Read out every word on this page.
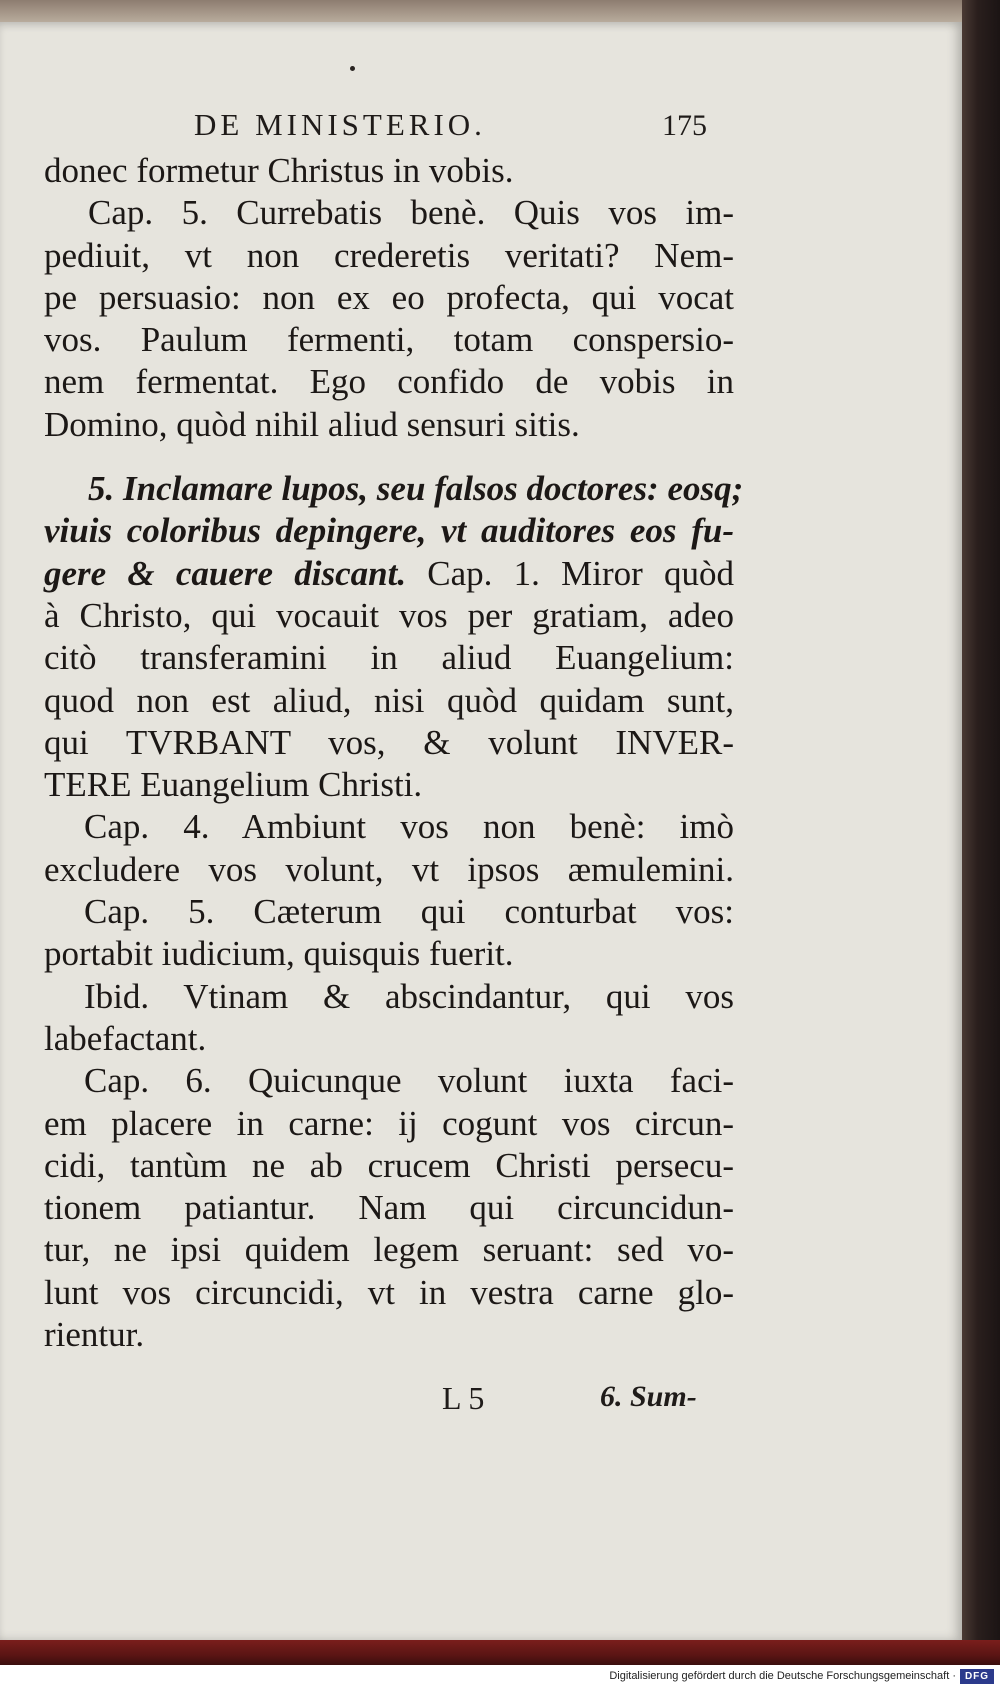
DE MINISTERIO.	175
donec formetur Christus in vobis.
Cap. 5. Currebatis benè. Quis vos im-
pediuit, vt non crederetis veritati? Nem-
pe persuasio: non ex eo profecta, qui vocat
vos. Paulum fermenti, totam conspersio-
nem fermentat. Ego confido de vobis in
Domino, quòd nihil aliud sensuri sitis.
5. Inclamare lupos, seu falsos doctores: eosq;
viuis coloribus depingere, vt auditores eos fu-
gere & cauere discant. Cap. 1. Miror quòd
à Christo, qui vocauit vos per gratiam, adeo
citò transferamini in aliud Euangelium:
quod non est aliud, nisi quòd quidam sunt,
qui TVRBANT vos, & volunt INVER-
TERE Euangelium Christi.
Cap. 4. Ambiunt vos non benè: imò
excludere vos volunt, vt ipsos æmulemini.
Cap. 5. Cæterum qui conturbat vos:
portabit iudicium, quisquis fuerit.
Ibid. Vtinam & abscindantur, qui vos
labefactant.
Cap. 6. Quicunque volunt iuxta faci-
em placere in carne: ij cogunt vos circun-
cidi, tantùm ne ab crucem Christi persecu-
tionem patiantur. Nam qui circuncidun-
tur, ne ipsi quidem legem seruant: sed vo-
lunt vos circuncidi, vt in vestra carne glo-
rientur.
L 5	6. Sum-
Digitalisierung gefördert durch die Deutsche Forschungsgemeinschaft · DFG
